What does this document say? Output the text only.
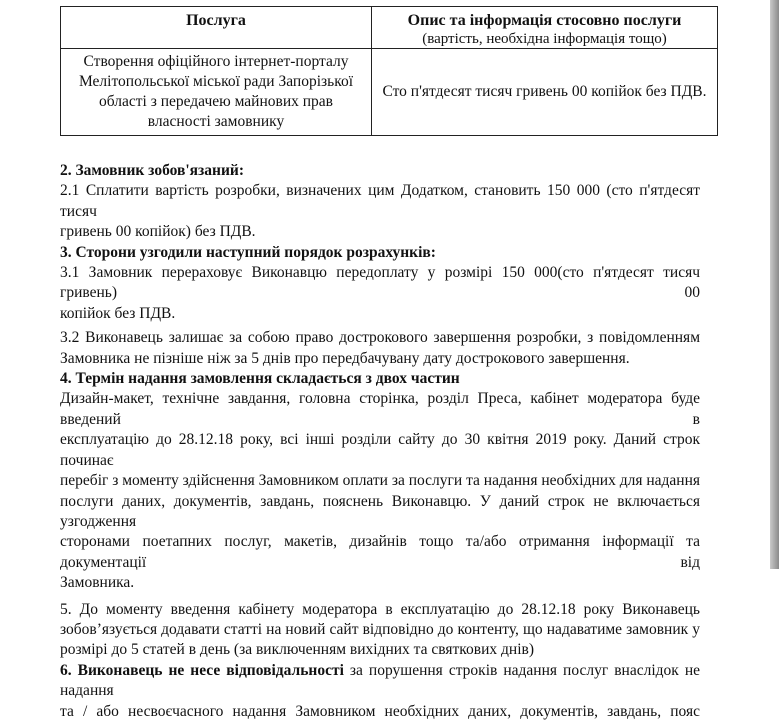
Послуга	Опис та інформація стосовно послуги
(вартість, необхідна інформація тощо)

Створення офіційного інтернет-порталу
Мелітопольської міської ради Запорізької
області з передачею майнових прав
власності замовнику	Сто п'ятдесят тисяч гривень 00 копійок без ПДВ.

2. Замовник зобов'язаний:

2.1 Сплатити вартість розробки, визначених цим Додатком, становить 150 000 (сто п'ятдесят тисяч

гривень 00 копійок) без ПДВ.

3. Сторони узгодили наступний порядок розрахунків:

3.1 Замовник перераховує Виконавцю передоплату у розмірі 150 000(сто п'ятдесят тисяч гривень) 00

копійок без ПДВ.

3.2 Виконавець залишає за собою право дострокового завершення розробки, з повідомленням

Замовника не пізніше ніж за 5 днів про передбачувану дату дострокового завершення.

4. Термін надання замовлення складається з двох частин

Дизайн-макет, технічне завдання, головна сторінка, розділ Преса, кабінет модератора буде введений в

експлуатацію до 28.12.18 року, всі інші розділи сайту до 30 квітня 2019 року. Даний строк починає

перебіг з моменту здійснення Замовником оплати за послуги та надання необхідних для надання

послуги даних, документів, завдань, пояснень Виконавцю. У даний строк не включається узгодження

сторонами поетапних послуг, макетів, дизайнів тощо та/або отримання інформації та документації від

Замовника.

5. До моменту введення кабінету модератора в експлуатацію до 28.12.18 року Виконавець

зобов’язується додавати статті на новий сайт відповідно до контенту, що надаватиме замовник у

розмірі до 5 статей в день (за виключенням вихідних та святкових днів)

6. Виконавець не несе відповідальності за порушення строків надання послуг внаслідок не надання

та / або несвоєчасного надання Замовником необхідних даних, документів, завдань, пояс
